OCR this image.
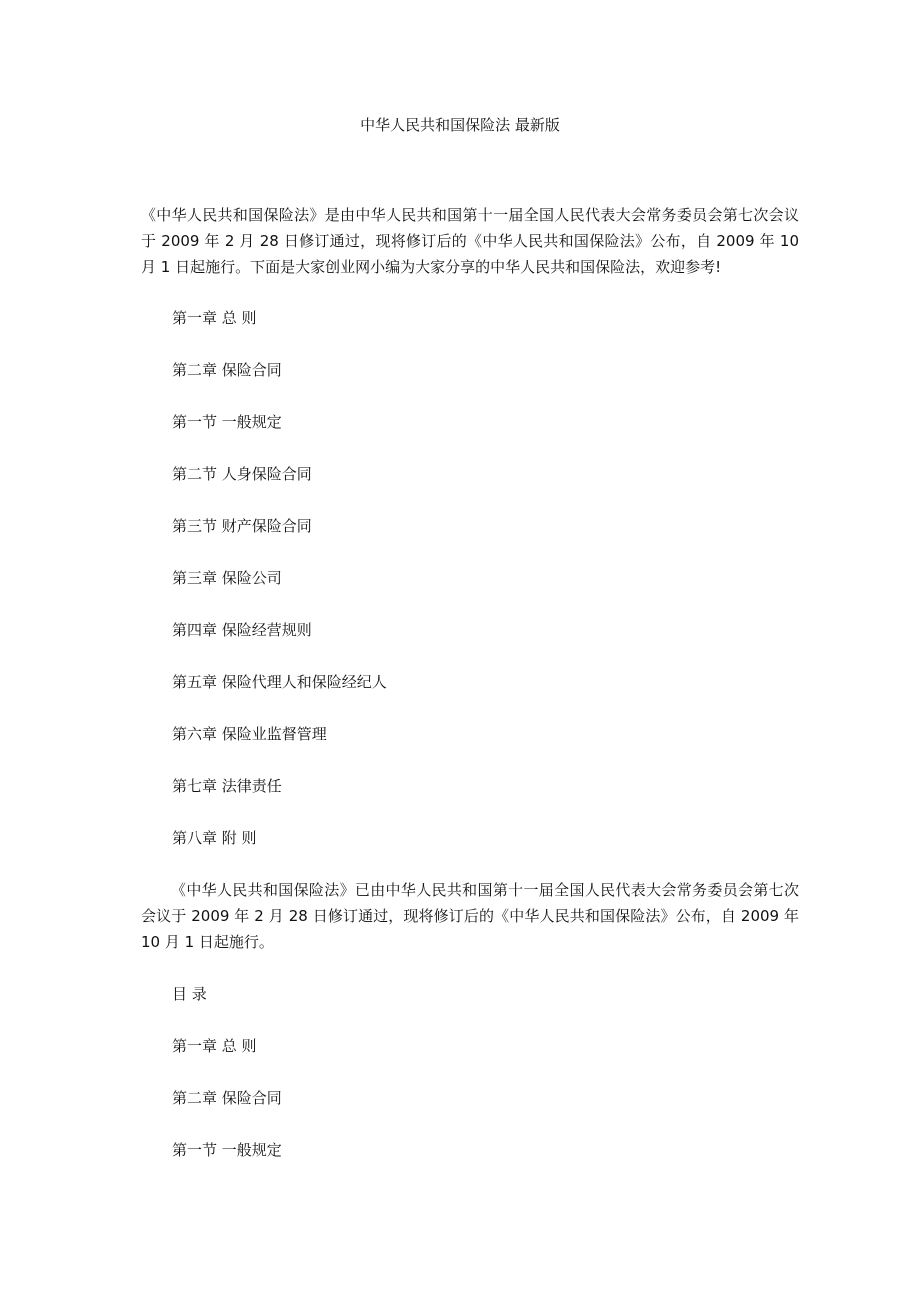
中华人民共和国保险法 最新版

《中华人民共和国保险法》是由中华人民共和国第十一届全国人民代表大会常务委员会第七次会议于 2009 年 2 月 28 日修订通过，现将修订后的《中华人民共和国保险法》公布，自 2009 年 10 月 1 日起施行。下面是大家创业网小编为大家分享的中华人民共和国保险法，欢迎参考!

第一章 总 则
第二章 保险合同
第一节 一般规定
第二节 人身保险合同
第三节 财产保险合同
第三章 保险公司
第四章 保险经营规则
第五章 保险代理人和保险经纪人
第六章 保险业监督管理
第七章 法律责任
第八章 附 则

《中华人民共和国保险法》已由中华人民共和国第十一届全国人民代表大会常务委员会第七次会议于 2009 年 2 月 28 日修订通过，现将修订后的《中华人民共和国保险法》公布，自 2009 年 10 月 1 日起施行。

目 录
第一章 总 则
第二章 保险合同
第一节 一般规定
